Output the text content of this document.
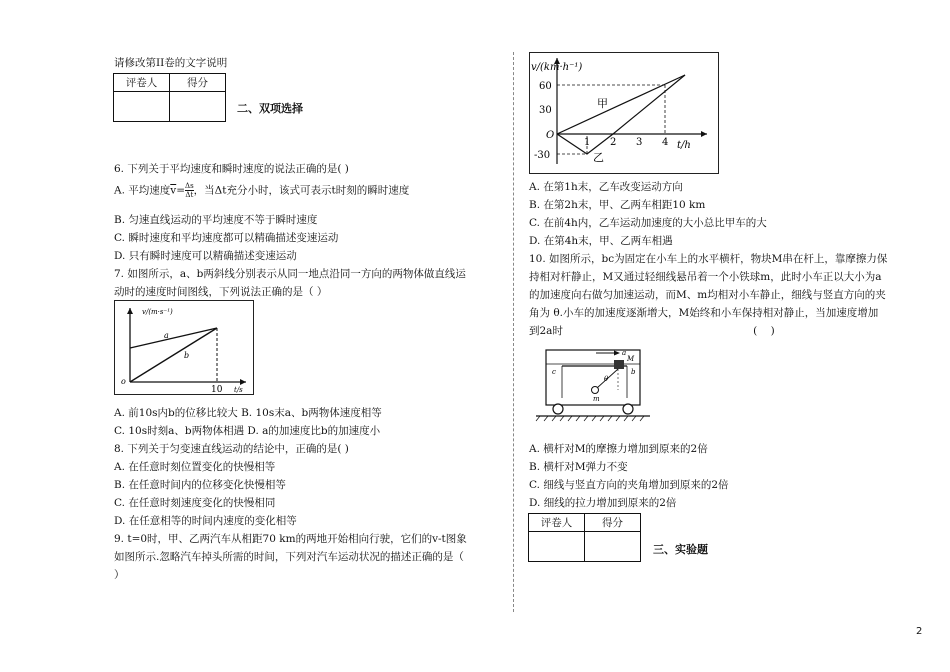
请修改第II卷的文字说明
评卷人	得分

二、双项选择
6. 下列关于平均速度和瞬时速度的说法正确的是( )
A. 平均速度$\overline{v}= \frac{\Delta s}{\Delta t}$ ，当Δt充分小时，该式可表示t时刻的瞬时速度
B. 匀速直线运动的平均速度不等于瞬时速度
C. 瞬时速度和平均速度都可以精确描述变速运动
D. 只有瞬时速度可以精确描述变速运动
7. 如图所示，a、b两斜线分别表示从同一地点沿同一方向的两物体做直线运
动时的速度时间图线，下列说法正确的是（ ）
v/(m·s⁻¹)
a
b
o
10 t/s
A. 前10s内b的位移比较大 B. 10s末a、b两物体速度相等
C. 10s时刻a、b两物体相遇 D. a的加速度比b的加速度小
8. 下列关于匀变速直线运动的结论中，正确的是( )
A. 在任意时刻位置变化的快慢相等
B. 在任意时间内的位移变化快慢相等
C. 在任意时刻速度变化的快慢相同
D. 在任意相等的时间内速度的变化相等
9. t=0时，甲、乙两汽车从相距70 km的两地开始相向行驶，它们的v-t图象
如图所示.忽略汽车掉头所需的时间，下列对汽车运动状况的描述正确的是（
）
v/(km·h⁻¹)
60
30
O
-30
1 2 3 4 t/h
甲
乙
A. 在第1h末，乙车改变运动方向
B. 在第2h末，甲、乙两车相距10 km
C. 在前4h内，乙车运动加速度的大小总比甲车的大
D. 在第4h末，甲、乙两车相遇
10. 如图所示，bc为固定在小车上的水平横杆，物块M串在杆上，靠摩擦力保
持相对杆静止，M又通过轻细线悬吊着一个小铁球m，此时小车正以大小为a
的加速度向右做匀加速运动，而M、m均相对小车静止，细线与竖直方向的夹
角为 θ.小车的加速度逐渐增大，M始终和小车保持相对静止，当加速度增加
到2a时                                                         (    )
a
M
c	b
θ
m
A. 横杆对M的摩擦力增加到原来的2倍
B. 横杆对M弹力不变
C. 细线与竖直方向的夹角增加到原来的2倍
D. 细线的拉力增加到原来的2倍
评卷人	得分

三、实验题
2
